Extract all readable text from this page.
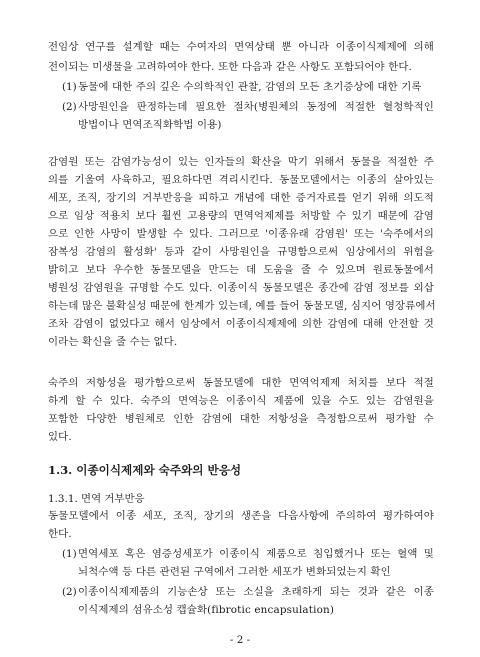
전임상 연구를 설계할 때는 수여자의 면역상태 뿐 아니라 이종이식제제에 의해
전이되는 미생물을 고려하여야 한다. 또한 다음과 같은 사항도 포함되어야 한다.
(1) 동물에 대한 주의 깊은 수의학적인 관찰, 감염의 모든 초기증상에 대한 기록
(2) 사망원인을 판정하는데 필요한 절차(병원체의 동정에 적절한 혈청학적인
방법이나 면역조직화학법 이용)
감염원 또는 감염가능성이 있는 인자들의 확산을 막기 위해서 동물을 적절한 주
의를 기울여 사육하고, 필요하다면 격리시킨다. 동물모델에서는 이종의 살아있는
세포, 조직, 장기의 거부반응을 피하고 개념에 대한 증거자료를 얻기 위해 의도적
으로 임상 적용치 보다 훨씬 고용량의 면역억제제를 처방할 수 있기 때문에 감염
으로 인한 사망이 발생할 수 있다. 그러므로 '이종유래 감염원' 또는 '숙주에서의
잠복성 감염의 활성화' 등과 같이 사망원인을 규명함으로써 임상에서의 위험을
밝히고 보다 우수한 동물모델을 만드는 데 도움을 줄 수 있으며 원료동물에서
병원성 감염원을 규명할 수도 있다. 이종이식 동물모델은 종간에 감염 정보를 외삽
하는데 많은 불확실성 때문에 한계가 있는데, 예를 들어 동물모델, 심지어 영장류에서
조차 감염이 없었다고 해서 임상에서 이종이식제제에 의한 감염에 대해 안전할 것
이라는 확신을 줄 수는 없다.
숙주의 저항성을 평가함으로써 동물모델에 대한 면역억제제 처치를 보다 적절
하게 할 수 있다. 숙주의 면역능은 이종이식 제품에 있을 수도 있는 감염원을
포함한 다양한 병원체로 인한 감염에 대한 저항성을 측정함으로써 평가할 수
있다.
1.3. 이종이식제제와 숙주와의 반응성
1.3.1. 면역 거부반응
동물모델에서 이종 세포, 조직, 장기의 생존을 다음사항에 주의하여 평가하여야
한다.
- 2 -
(1) 면역세포 혹은 염증성세포가 이종이식 제품으로 침입했거나 또는 혈액 및
뇌척수액 등 다른 관련된 구역에서 그러한 세포가 변화되었는지 확인
(2) 이종이식제제품의 기능손상 또는 소실을 초래하게 되는 것과 같은 이종
이식제제의 섬유소성 캡슐화(fibrotic encapsulation)
